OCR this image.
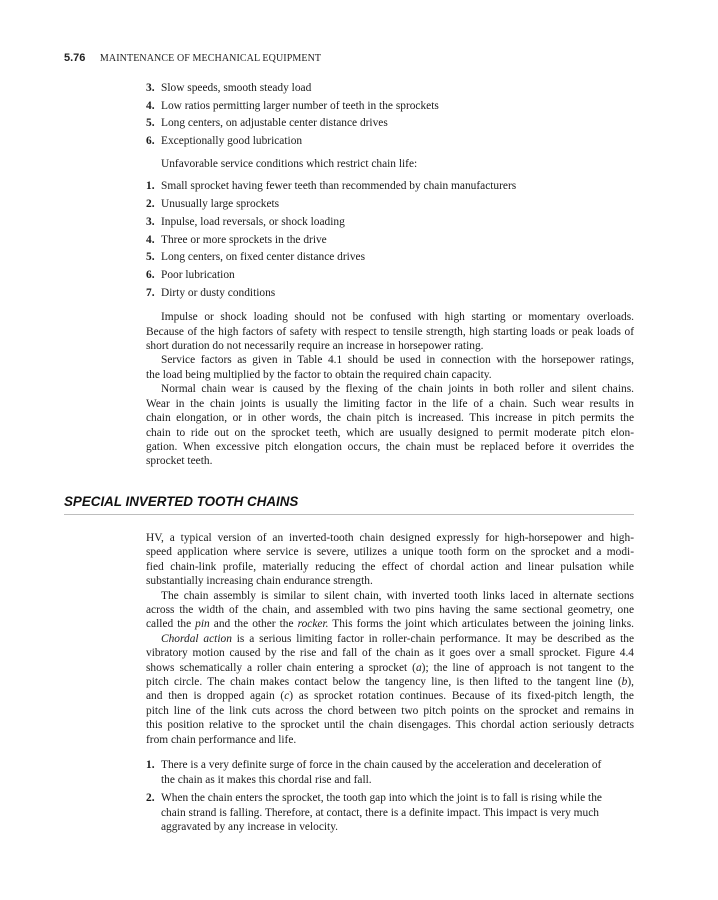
5.76 MAINTENANCE OF MECHANICAL EQUIPMENT
3. Slow speeds, smooth steady load
4. Low ratios permitting larger number of teeth in the sprockets
5. Long centers, on adjustable center distance drives
6. Exceptionally good lubrication
Unfavorable service conditions which restrict chain life:
1. Small sprocket having fewer teeth than recommended by chain manufacturers
2. Unusually large sprockets
3. Inpulse, load reversals, or shock loading
4. Three or more sprockets in the drive
5. Long centers, on fixed center distance drives
6. Poor lubrication
7. Dirty or dusty conditions
Impulse or shock loading should not be confused with high starting or momentary overloads.
Because of the high factors of safety with respect to tensile strength, high starting loads or peak loads of
short duration do not necessarily require an increase in horsepower rating.
Service factors as given in Table 4.1 should be used in connection with the horsepower ratings,
the load being multiplied by the factor to obtain the required chain capacity.
Normal chain wear is caused by the flexing of the chain joints in both roller and silent chains.
Wear in the chain joints is usually the limiting factor in the life of a chain. Such wear results in
chain elongation, or in other words, the chain pitch is increased. This increase in pitch permits the
chain to ride out on the sprocket teeth, which are usually designed to permit moderate pitch elon-
gation. When excessive pitch elongation occurs, the chain must be replaced before it overrides the
sprocket teeth.
SPECIAL INVERTED TOOTH CHAINS
HV, a typical version of an inverted-tooth chain designed expressly for high-horsepower and high-
speed application where service is severe, utilizes a unique tooth form on the sprocket and a modi-
fied chain-link profile, materially reducing the effect of chordal action and linear pulsation while
substantially increasing chain endurance strength.
The chain assembly is similar to silent chain, with inverted tooth links laced in alternate sections
across the width of the chain, and assembled with two pins having the same sectional geometry, one
called the pin and the other the rocker. This forms the joint which articulates between the joining links.
Chordal action is a serious limiting factor in roller-chain performance. It may be described as the
vibratory motion caused by the rise and fall of the chain as it goes over a small sprocket. Figure 4.4
shows schematically a roller chain entering a sprocket (a); the line of approach is not tangent to the
pitch circle. The chain makes contact below the tangency line, is then lifted to the tangent line (b),
and then is dropped again (c) as sprocket rotation continues. Because of its fixed-pitch length, the
pitch line of the link cuts across the chord between two pitch points on the sprocket and remains in
this position relative to the sprocket until the chain disengages. This chordal action seriously detracts
from chain performance and life.
1. There is a very definite surge of force in the chain caused by the acceleration and deceleration of
the chain as it makes this chordal rise and fall.
2. When the chain enters the sprocket, the tooth gap into which the joint is to fall is rising while the
chain strand is falling. Therefore, at contact, there is a definite impact. This impact is very much
aggravated by any increase in velocity.
